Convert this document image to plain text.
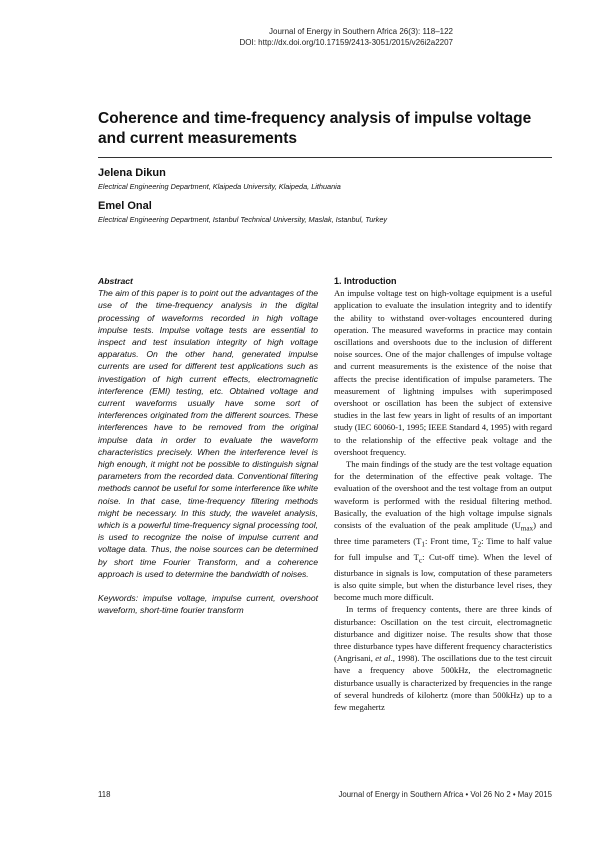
Journal of Energy in Southern Africa 26(3): 118–122
DOI: http://dx.doi.org/10.17159/2413-3051/2015/v26i2a2207
Coherence and time-frequency analysis of impulse voltage and current measurements
Jelena Dikun
Electrical Engineering Department, Klaipeda University, Klaipeda, Lithuania
Emel Onal
Electrical Engineering Department, Istanbul Technical University, Maslak, Istanbul, Turkey

Abstract

The aim of this paper is to point out the advantages of the use of the time-frequency analysis in the digital processing of waveforms recorded in high voltage impulse tests. Impulse voltage tests are essential to inspect and test insulation integrity of high voltage apparatus. On the other hand, generated impulse currents are used for different test applications such as investigation of high current effects, electromagnetic interference (EMI) testing, etc. Obtained voltage and current waveforms usually have some sort of interferences originated from the different sources. These interferences have to be removed from the original impulse data in order to evaluate the waveform characteristics precisely. When the interference level is high enough, it might not be possible to distinguish signal parameters from the recorded data. Conventional filtering methods cannot be useful for some interference like white noise. In that case, time-frequency filtering methods might be necessary. In this study, the wavelet analysis, which is a powerful time-frequency signal processing tool, is used to recognize the noise of impulse current and voltage data. Thus, the noise sources can be determined by short time Fourier Transform, and a coherence approach is used to determine the bandwidth of noises.

Keywords: impulse voltage, impulse current, overshoot waveform, short-time fourier transform

1. Introduction

An impulse voltage test on high-voltage equipment is a useful application to evaluate the insulation integrity and to identify the ability to withstand over-voltages encountered during operation. The measured waveforms in practice may contain oscillations and overshoots due to the inclusion of different noise sources. One of the major challenges of impulse voltage and current measurements is the existence of the noise that affects the precise identification of impulse parameters. The measurement of lightning impulses with superimposed overshoot or oscillation has been the subject of extensive studies in the last few years in light of results of an important study (IEC 60060-1, 1995; IEEE Standard 4, 1995) with regard to the relationship of the effective peak voltage and the overshoot frequency.

The main findings of the study are the test voltage equation for the determination of the effective peak voltage. The evaluation of the overshoot and the test voltage from an output waveform is performed with the residual filtering method. Basically, the evaluation of the high voltage impulse signals consists of the evaluation of the peak amplitude $(U_{max})$ and three time parameters ($T_1$: Front time, $T_2$: Time to half value for full impulse and $T_c$: Cut-off time). When the level of disturbance in signals is low, computation of these parameters is also quite simple, but when the disturbance level rises, they become much more difficult.

In terms of frequency contents, there are three kinds of disturbance: Oscillation on the test circuit, electromagnetic disturbance and digitizer noise. The results show that those three disturbance types have different frequency characteristics (Angrisani, et al., 1998). The oscillations due to the test circuit have a frequency above 500kHz, the electromagnetic disturbance usually is characterized by frequencies in the range of several hundreds of kilohertz (more than 500kHz) up to a few megahertz

118	Journal of Energy in Southern Africa • Vol 26 No 2 • May 2015
